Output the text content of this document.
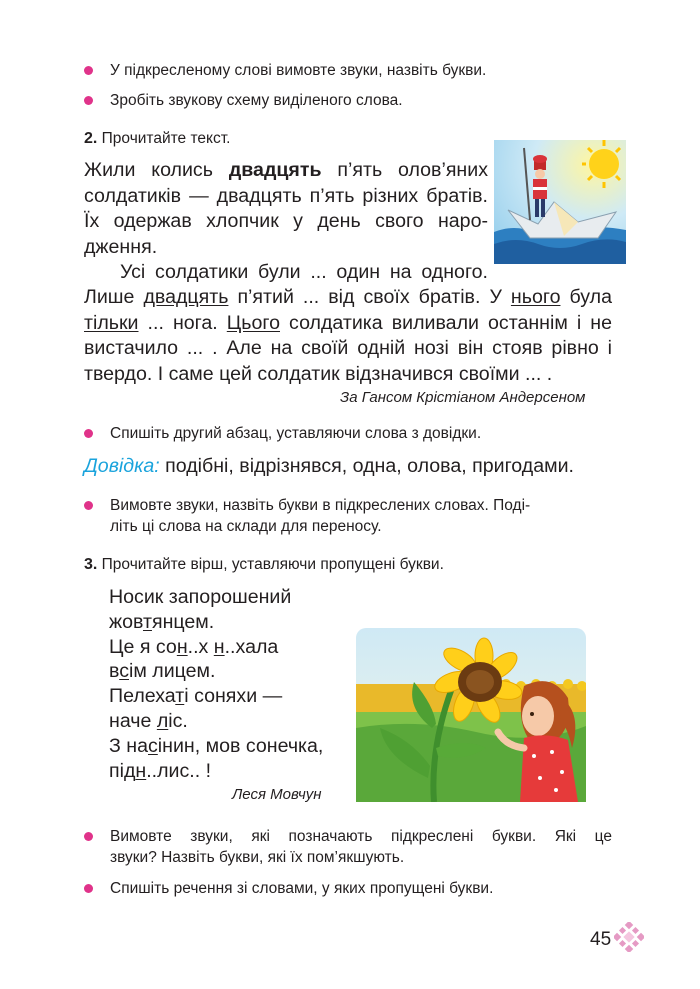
У підкресленому слові вимовте звуки, назвіть букви.
Зробіть звукову схему виділеного слова.
2. Прочитайте текст.
Жили колись двадцять п’ять олов’яних
солдатиків — двадцять п’ять різних братів.
Їх одержав хлопчик у день свого наро-
дження.
Усі солдатики були ... один на одного.
Лише двадцять п’ятий ... від своїх братів. У нього була
тільки ... нога. Цього солдатика виливали останнім і не
вистачило ... . Але на своїй одній нозі він стояв рівно і
твердо. І саме цей солдатик відзначився своїми ... .
За Гансом Крістіаном Андерсеном
Спишіть другий абзац, уставляючи слова з довідки.
Довідка: подібні, відрізнявся, одна, олова, пригодами.
Вимовте звуки, назвіть букви в підкреслених словах. Поді-
літь ці слова на склади для переносу.
3. Прочитайте вірш, уставляючи пропущені букви.
Носик запорошений
жовтянцем.
Це я сон..х н..хала
всім лицем.
Пелехаті соняхи —
наче ліс.
З насінин, мов сонечка,
підн..лис.. !
Леся Мовчун
Вимовте звуки, які позначають підкреслені букви. Які це
звуки? Назвіть букви, які їх пом’якшують.
Спишіть речення зі словами, у яких пропущені букви.
45
